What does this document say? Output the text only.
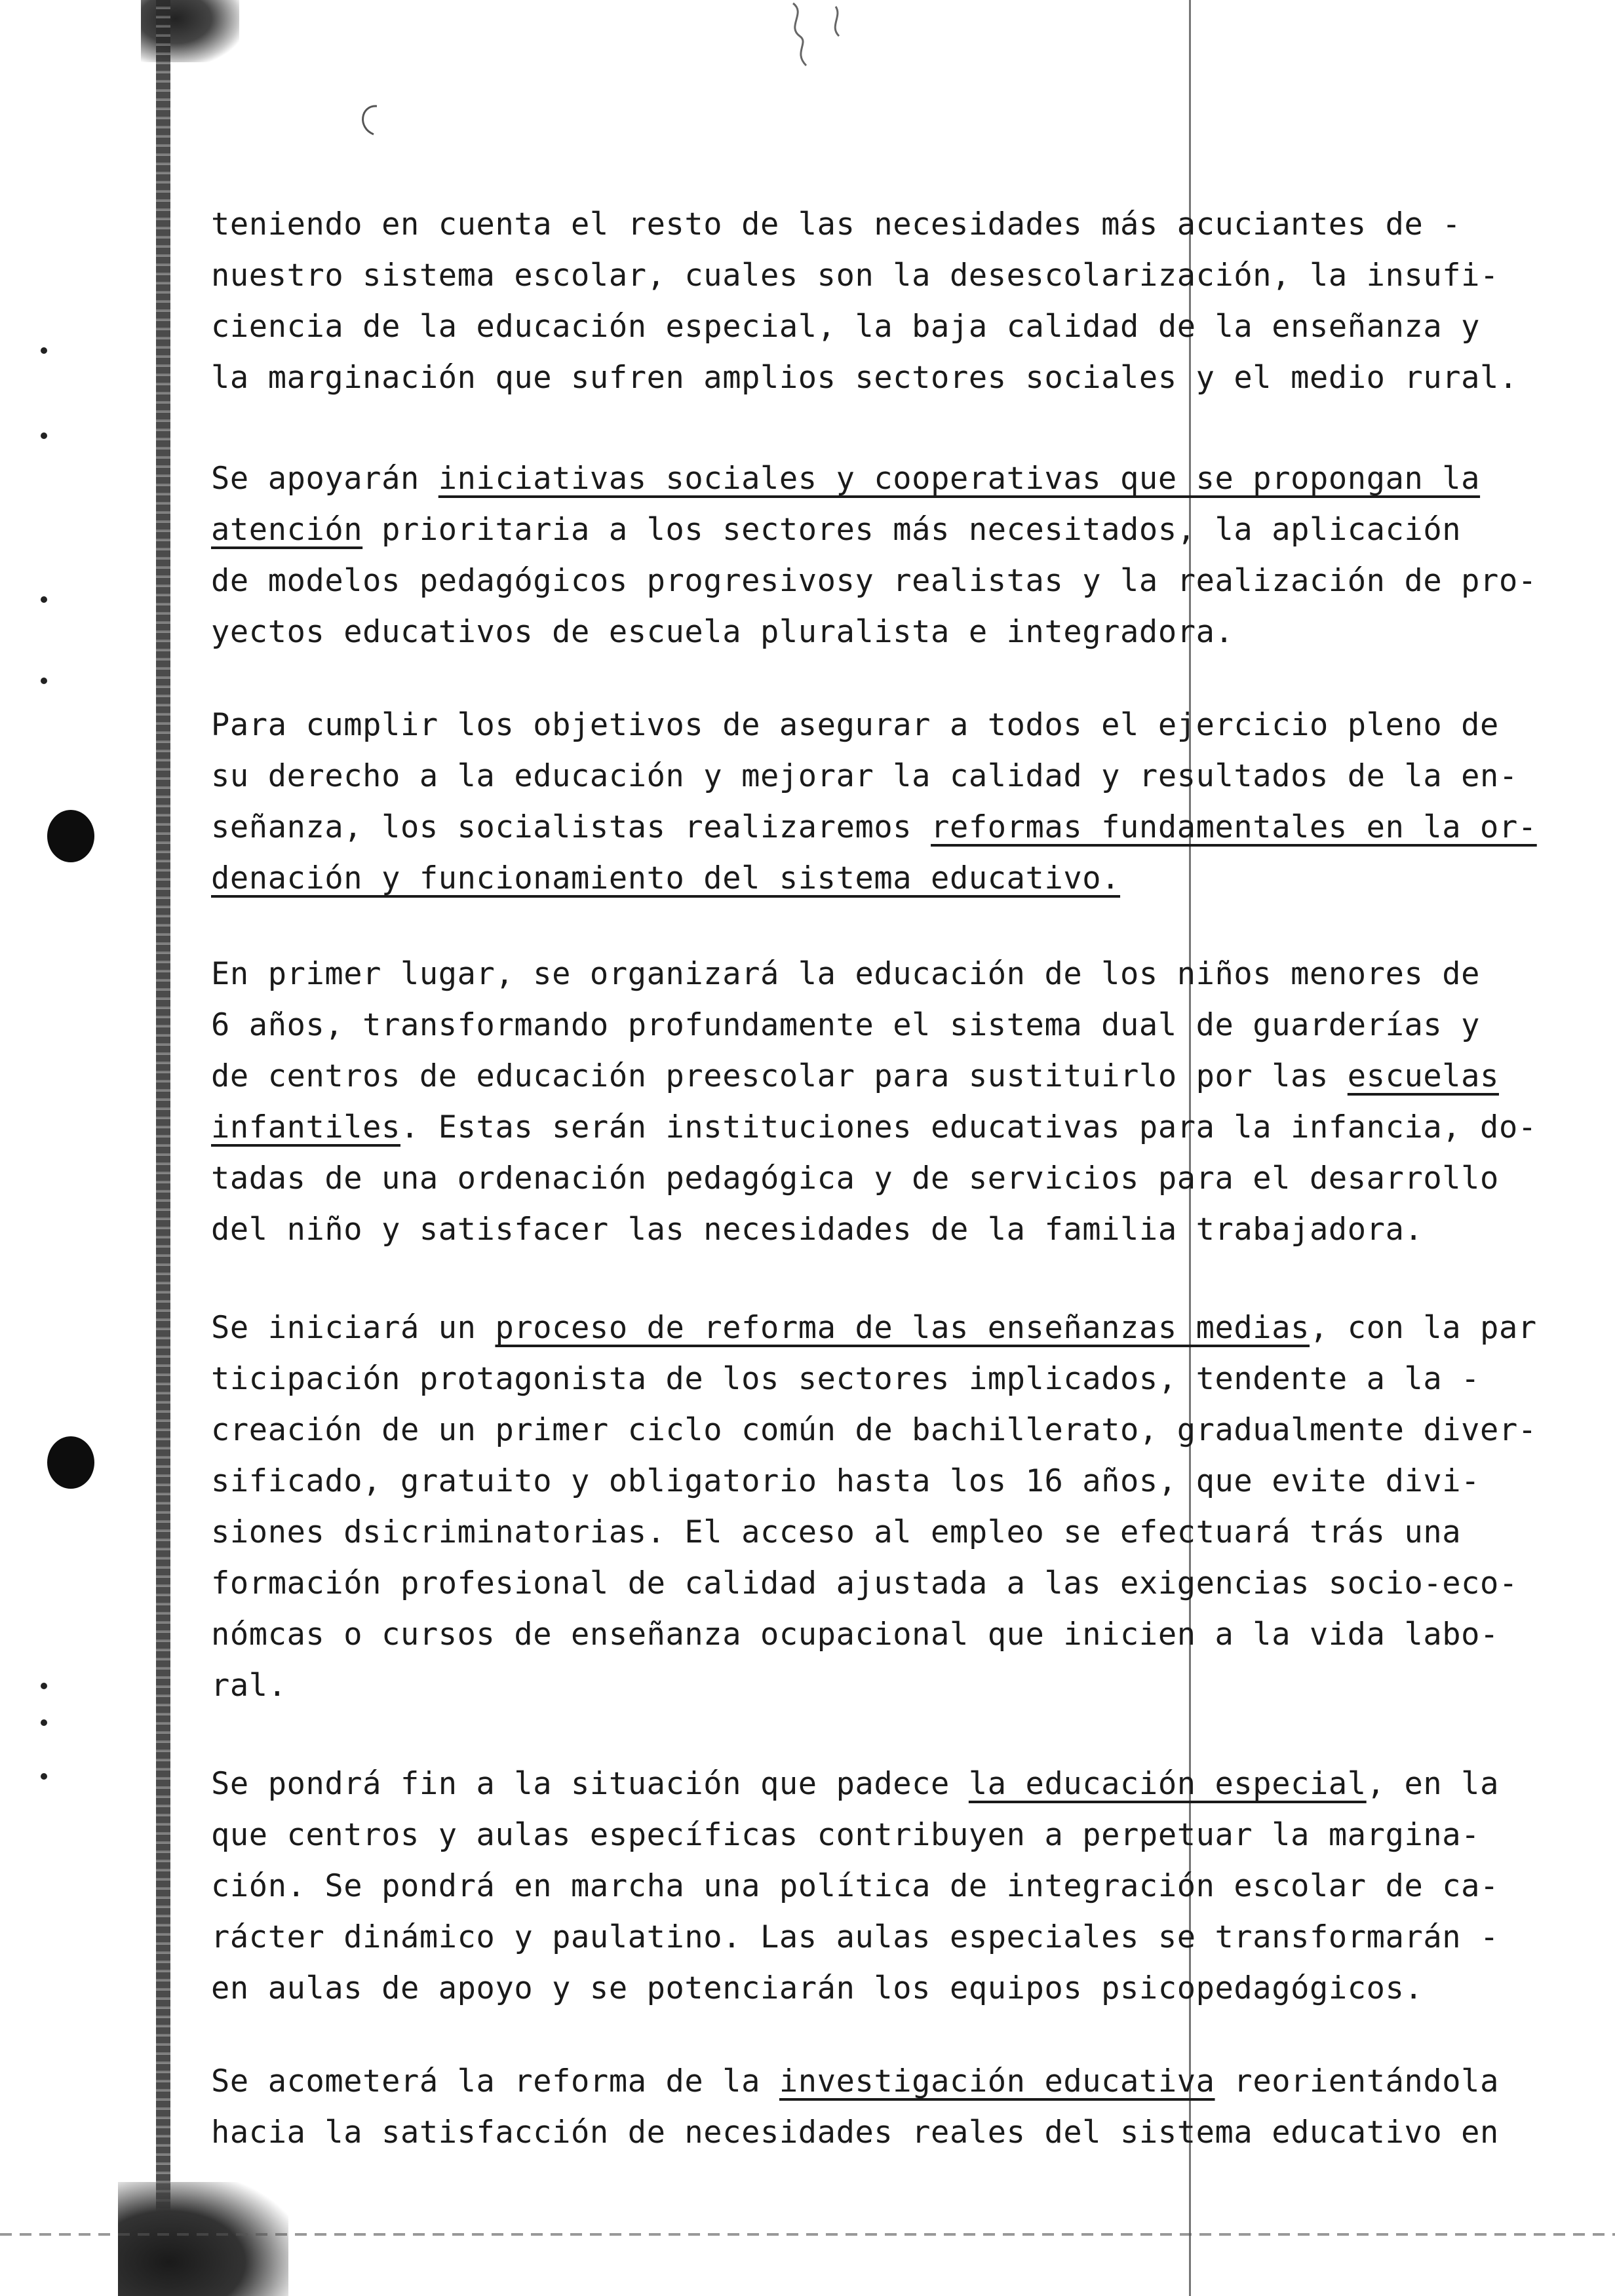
teniendo en cuenta el resto de las necesidades más acuciantes de -
nuestro sistema escolar, cuales son la desescolarización, la insufi-
ciencia de la educación especial, la baja calidad de la enseñanza y
la marginación que sufren amplios sectores sociales y el medio rural.
Se apoyarán iniciativas sociales y cooperativas que se propongan la
atención prioritaria a los sectores más necesitados, la aplicación
de modelos pedagógicos progresivosy realistas y la realización de pro-
yectos educativos de escuela pluralista e integradora.
Para cumplir los objetivos de asegurar a todos el ejercicio pleno de
su derecho a la educación y mejorar la calidad y resultados de la en-
señanza, los socialistas realizaremos reformas fundamentales en la or-
denación y funcionamiento del sistema educativo.
En primer lugar, se organizará la educación de los niños menores de
6 años, transformando profundamente el sistema dual de guarderías y
de centros de educación preescolar para sustituirlo por las escuelas
infantiles. Estas serán instituciones educativas para la infancia, do-
tadas de una ordenación pedagógica y de servicios para el desarrollo
del niño y satisfacer las necesidades de la familia trabajadora.
Se iniciará un proceso de reforma de las enseñanzas medias, con la par
ticipación protagonista de los sectores implicados, tendente a la -
creación de un primer ciclo común de bachillerato, gradualmente diver-
sificado, gratuito y obligatorio hasta los 16 años, que evite divi-
siones dsicriminatorias. El acceso al empleo se efectuará trás una
formación profesional de calidad ajustada a las exigencias socio-eco-
nómcas o cursos de enseñanza ocupacional que inicien a la vida labo-
ral.
Se pondrá fin a la situación que padece la educación especial, en la
que centros y aulas específicas contribuyen a perpetuar la margina-
ción. Se pondrá en marcha una política de integración escolar de ca-
rácter dinámico y paulatino. Las aulas especiales se transformarán -
en aulas de apoyo y se potenciarán los equipos psicopedagógicos.
Se acometerá la reforma de la investigación educativa reorientándola
hacia la satisfacción de necesidades reales del sistema educativo en
